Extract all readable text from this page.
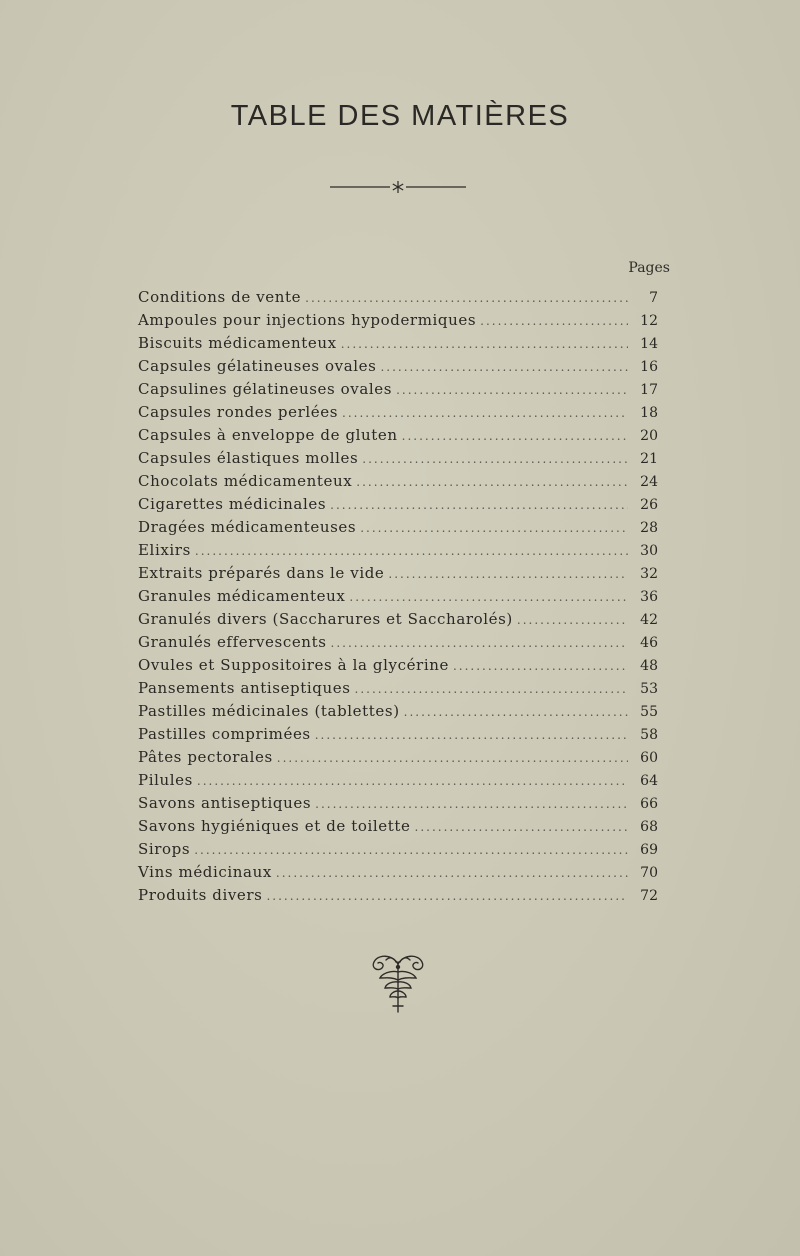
TABLE DES MATIÈRES
Pages
Conditions de vente .....	7
Ampoules pour injections hypodermiques .....	12
Biscuits médicamenteux .....	14
Capsules gélatineuses ovales .....	16
Capsulines gélatineuses ovales .....	17
Capsules rondes perlées .....	18
Capsules à enveloppe de gluten .....	20
Capsules élastiques molles .....	21
Chocolats médicamenteux .....	24
Cigarettes médicinales .....	26
Dragées médicamenteuses .....	28
Elixirs .....	30
Extraits préparés dans le vide .....	32
Granules médicamenteux .....	36
Granulés divers (Saccharures et Saccharolés) .....	42
Granulés effervescents .....	46
Ovules et Suppositoires à la glycérine .....	48
Pansements antiseptiques .....	53
Pastilles médicinales (tablettes) .....	55
Pastilles comprimées .....	58
Pâtes pectorales .....	60
Pilules .....	64
Savons antiseptiques .....	66
Savons hygiéniques et de toilette .....	68
Sirops .....	69
Vins médicinaux .....	70
Produits divers .....	72
